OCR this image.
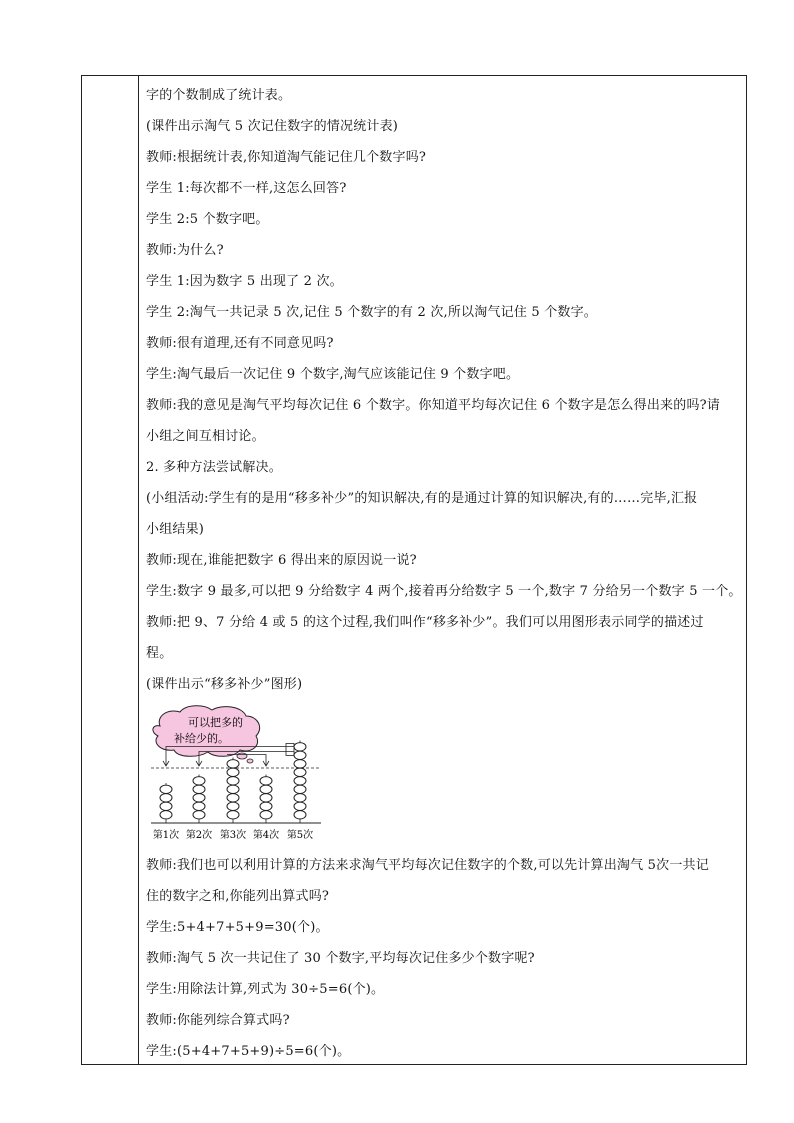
字的个数制成了统计表。
(课件出示淘气 5 次记住数字的情况统计表)
教师:根据统计表,你知道淘气能记住几个数字吗?
学生 1:每次都不一样,这怎么回答?
学生 2:5 个数字吧。
教师:为什么?
学生 1:因为数字 5 出现了 2 次。
学生 2:淘气一共记录 5 次,记住 5 个数字的有 2 次,所以淘气记住 5 个数字。
教师:很有道理,还有不同意见吗?
学生:淘气最后一次记住 9 个数字,淘气应该能记住 9 个数字吧。
教师:我的意见是淘气平均每次记住 6 个数字。你知道平均每次记住 6 个数字是怎么得出来的吗?请
小组之间互相讨论。
2. 多种方法尝试解决。
(小组活动:学生有的是用“移多补少”的知识解决,有的是通过计算的知识解决,有的……完毕,汇报
小组结果)
教师:现在,谁能把数字 6 得出来的原因说一说?
学生:数字 9 最多,可以把 9 分给数字 4 两个,接着再分给数字 5 一个,数字 7 分给另一个数字 5 一个。
教师:把 9、7 分给 4 或 5 的这个过程,我们叫作“移多补少”。我们可以用图形表示同学的描述过
程。
(课件出示“移多补少”图形)
可以把多的
补给少的。
第1次 第2次 第3次 第4次 第5次
教师:我们也可以利用计算的方法来求淘气平均每次记住数字的个数,可以先计算出淘气 5次一共记
住的数字之和,你能列出算式吗?
学生:5+4+7+5+9=30(个)。
教师:淘气 5 次一共记住了 30 个数字,平均每次记住多少个数字呢?
学生:用除法计算,列式为 30÷5=6(个)。
教师:你能列综合算式吗?
学生:(5+4+7+5+9)÷5=6(个)。
